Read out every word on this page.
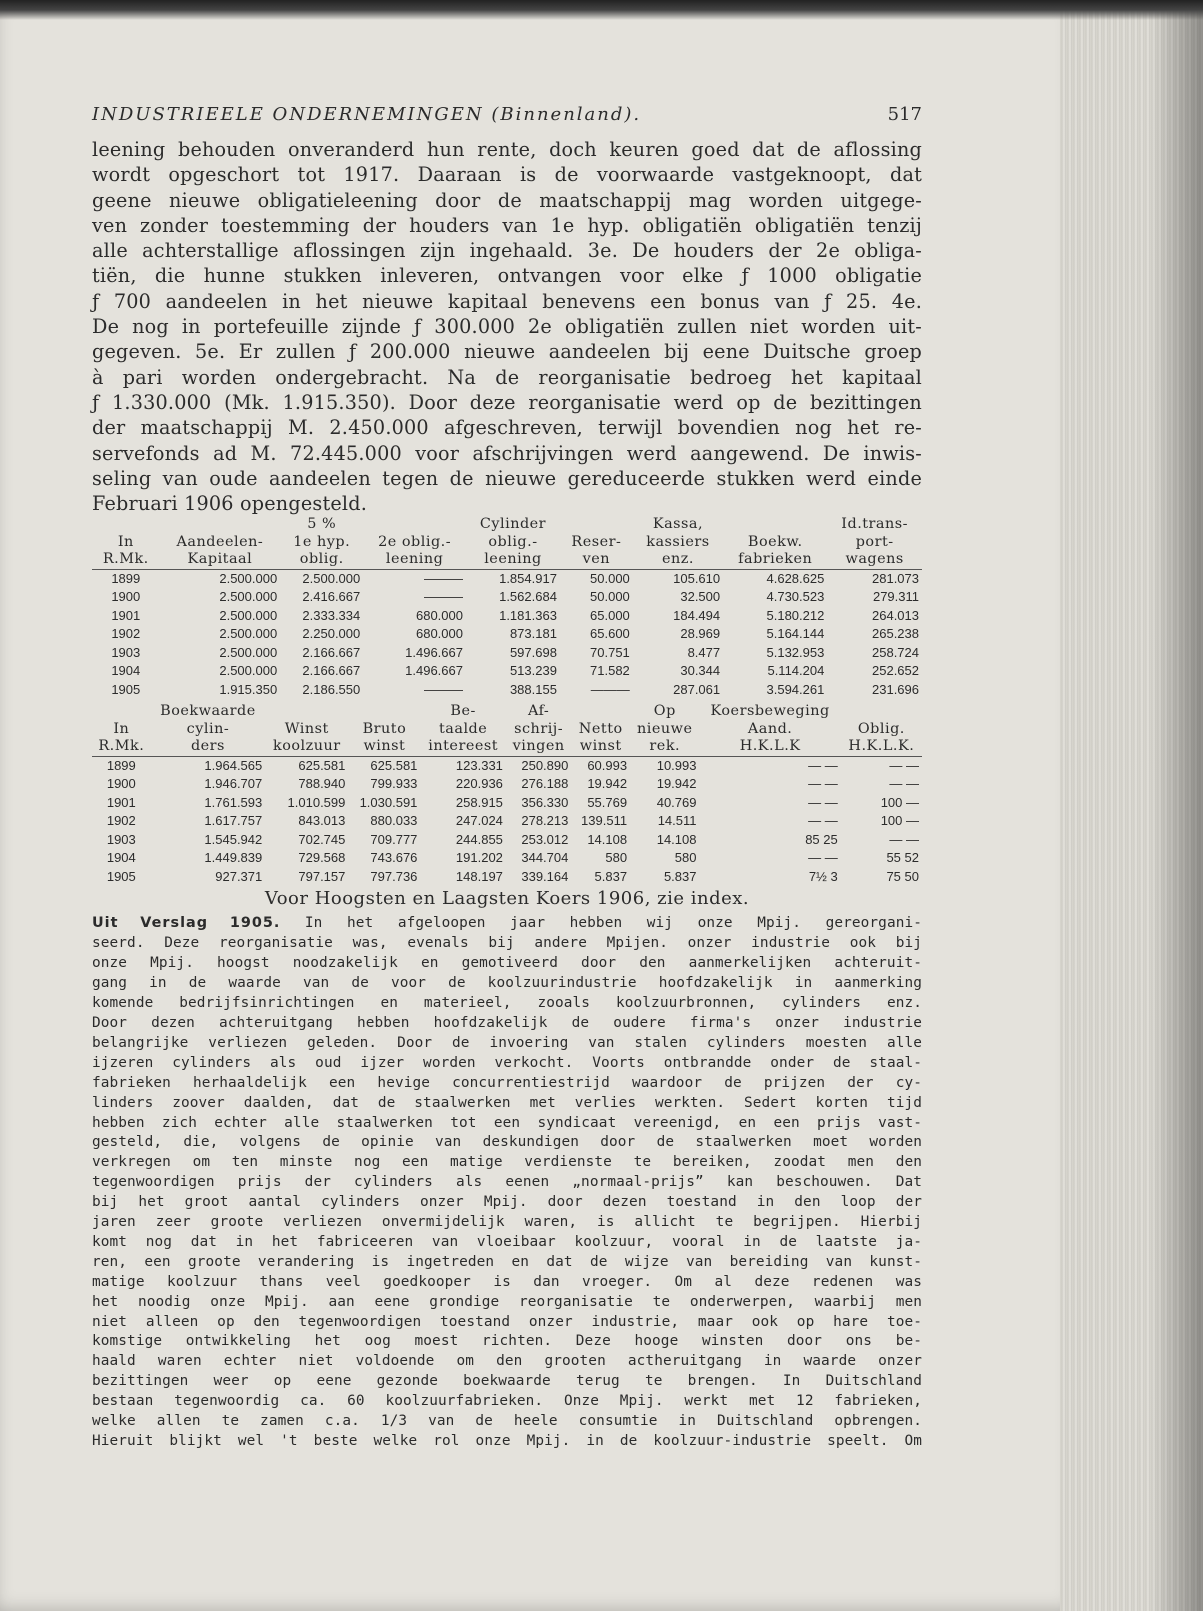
INDUSTRIEELE ONDERNEMINGEN (Binnenland).	517

leening behouden onveranderd hun rente, doch keuren goed dat de aflossing
wordt opgeschort tot 1917. Daaraan is de voorwaarde vastgeknoopt, dat
geene nieuwe obligatieleening door de maatschappij mag worden uitgege-
ven zonder toestemming der houders van 1e hyp. obligatiën obligatiën tenzij
alle achterstallige aflossingen zijn ingehaald. 3e. De houders der 2e obliga-
tiën, die hunne stukken inleveren, ontvangen voor elke ƒ 1000 obligatie
ƒ 700 aandeelen in het nieuwe kapitaal benevens een bonus van ƒ 25. 4e.
De nog in portefeuille zijnde ƒ 300.000 2e obligatiën zullen niet worden uit-
gegeven. 5e. Er zullen ƒ 200.000 nieuwe aandeelen bij eene Duitsche groep
à pari worden ondergebracht. Na de reorganisatie bedroeg het kapitaal
ƒ 1.330.000 (Mk. 1.915.350). Door deze reorganisatie werd op de bezittingen
der maatschappij M. 2.450.000 afgeschreven, terwijl bovendien nog het re-
servefonds ad M. 72.445.000 voor afschrijvingen werd aangewend. De inwis-
seling van oude aandeelen tegen de nieuwe gereduceerde stukken werd einde
Februari 1906 opengesteld.

		5 %		Cylinder		Kassa,		Id.trans-
In	Aandeelen-	1e hyp.	2e oblig.-	oblig.-	Reser-	kassiers	Boekw.	port-
R.Mk.	Kapitaal	oblig.	leening	leening	ven	enz.	fabrieken	wagens
1899	2.500.000	2.500.000	———	1.854.917	50.000	105.610	4.628.625	281.073
1900	2.500.000	2.416.667	———	1.562.684	50.000	32.500	4.730.523	279.311
1901	2.500.000	2.333.334	680.000	1.181.363	65.000	184.494	5.180.212	264.013
1902	2.500.000	2.250.000	680.000	873.181	65.600	28.969	5.164.144	265.238
1903	2.500.000	2.166.667	1.496.667	597.698	70.751	8.477	5.132.953	258.724
1904	2.500.000	2.166.667	1.496.667	513.239	71.582	30.344	5.114.204	252.652
1905	1.915.350	2.186.550	———	388.155	———	287.061	3.594.261	231.696
	Boekwaarde			Be-	Af-		Op	Koersbeweging	
In	cylin-	Winst	Bruto	taalde	schrij-	Netto	nieuwe	Aand.	Oblig.
R.Mk.	ders	koolzuur	winst	intereest	vingen	winst	rek.	H.K.L.K	H.K.L.K.
1899	1.964.565	625.581	625.581	123.331	250.890	60.993	10.993	— —	— —
1900	1.946.707	788.940	799.933	220.936	276.188	19.942	19.942	— —	— —
1901	1.761.593	1.010.599	1.030.591	258.915	356.330	55.769	40.769	— —	100 —
1902	1.617.757	843.013	880.033	247.024	278.213	139.511	14.511	— —	100 —
1903	1.545.942	702.745	709.777	244.855	253.012	14.108	14.108	85 25	— —
1904	1.449.839	729.568	743.676	191.202	344.704	580	580	— —	55 52
1905	927.371	797.157	797.736	148.197	339.164	5.837	5.837	7½ 3	75 50
Voor Hoogsten en Laagsten Koers 1906, zie index.

Uit Verslag 1905. In het afgeloopen jaar hebben wij onze Mpij. gereorgani-
seerd. Deze reorganisatie was, evenals bij andere Mpijen. onzer industrie ook bij
onze Mpij. hoogst noodzakelijk en gemotiveerd door den aanmerkelijken achteruit-
gang in de waarde van de voor de koolzuurindustrie hoofdzakelijk in aanmerking
komende bedrijfsinrichtingen en materieel, zooals koolzuurbronnen, cylinders enz.
Door dezen achteruitgang hebben hoofdzakelijk de oudere firma's onzer industrie
belangrijke verliezen geleden. Door de invoering van stalen cylinders moesten alle
ijzeren cylinders als oud ijzer worden verkocht. Voorts ontbrandde onder de staal-
fabrieken herhaaldelijk een hevige concurrentiestrijd waardoor de prijzen der cy-
linders zoover daalden, dat de staalwerken met verlies werkten. Sedert korten tijd
hebben zich echter alle staalwerken tot een syndicaat vereenigd, en een prijs vast-
gesteld, die, volgens de opinie van deskundigen door de staalwerken moet worden
verkregen om ten minste nog een matige verdienste te bereiken, zoodat men den
tegenwoordigen prijs der cylinders als eenen „normaal-prijs” kan beschouwen. Dat
bij het groot aantal cylinders onzer Mpij. door dezen toestand in den loop der
jaren zeer groote verliezen onvermijdelijk waren, is allicht te begrijpen. Hierbij
komt nog dat in het fabriceeren van vloeibaar koolzuur, vooral in de laatste ja-
ren, een groote verandering is ingetreden en dat de wijze van bereiding van kunst-
matige koolzuur thans veel goedkooper is dan vroeger. Om al deze redenen was
het noodig onze Mpij. aan eene grondige reorganisatie te onderwerpen, waarbij men
niet alleen op den tegenwoordigen toestand onzer industrie, maar ook op hare toe-
komstige ontwikkeling het oog moest richten. Deze hooge winsten door ons be-
haald waren echter niet voldoende om den grooten actheruitgang in waarde onzer
bezittingen weer op eene gezonde boekwaarde terug te brengen. In Duitschland
bestaan tegenwoordig ca. 60 koolzuurfabrieken. Onze Mpij. werkt met 12 fabrieken,
welke allen te zamen c.a. 1/3 van de heele consumtie in Duitschland opbrengen.
Hieruit blijkt wel 't beste welke rol onze Mpij. in de koolzuur-industrie speelt. Om
